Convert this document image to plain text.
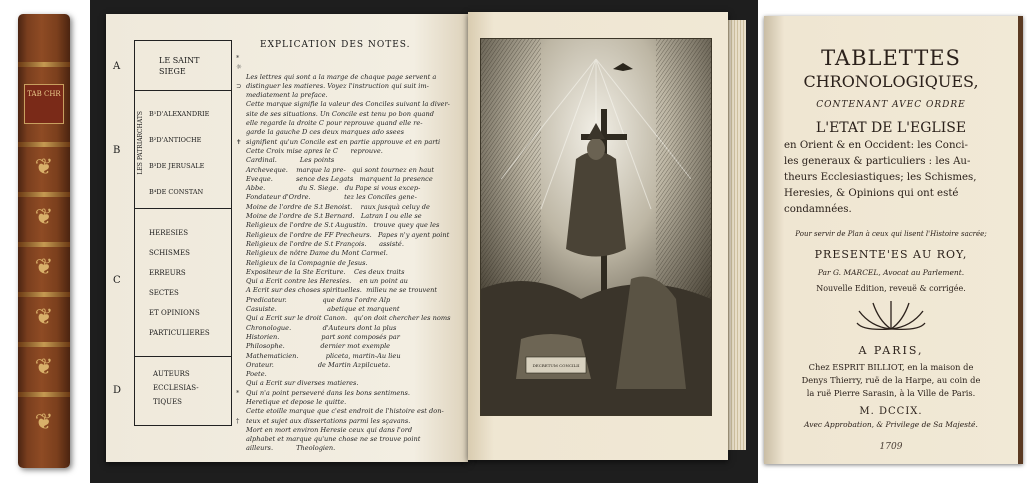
TAB CHR
❦
❦
❦
❦
❦
❦
EXPLICATION DES NOTES.
LES PATRIARCHATS
A
LE SAINT
SIEGE
B
B¹D'ALEXANDRIE
B²D'ANTIOCHE
B³DE JERUSALE
B⁴DE CONSTAN
C
HERESIES
SCHISMES
ERREURS
SECTES
ET OPINIONS
PARTICULIERES
D
AUTEURS
ECCLESIAS-
TIQUES
*
☼
⊃
✝
*
†

Les lettres qui sont a la marge de chaque page servent a
distinguer les matieres. Voyez l'instruction qui suit im-
mediatement la preface.
Cette marque signifie la valeur des Conciles suivant la diver-
site de ses situations. Un Concile est tenu po bon quand
elle regarde la droite C pour reprouve quand elle re-
garde la gauche D ces deux marques ado ssees
signifient qu'un Concile est en partie approuve et en parti
Cette Croix mise apres le C      reprouve.
Cardinal.           Les points
Archeveque.    marque la pre-   qui sont tournez en haut
Eveque.           sence des Legats   marquent la presence
Abbe.                du S. Siege.   du Pape si vous excep-
Fondateur d'Ordre.                tez les Conciles gene-
Moine de l'ordre de S.t Benoist.    raux jusquà celuy de
Moine de l'ordre de S.t Bernard.   Latran I ou elle se
Religieux de l'ordre de S.t Augustin.   trouve quey que les
Religieux de l'ordre de FF Precheurs.   Papes n'y ayent point
Religieux de l'ordre de S.t François.      assisté.
Religieux de nôtre Dame du Mont Carmel.
Religieux de la Compagnie de Jesus.
Expositeur de la Ste Ecriture.    Ces deux traits
Qui a Ecrit contre les Heresies.    en un point au
A Ecrit sur des choses spirituelles.  milieu ne se trouvent
Predicateur.                 que dans l'ordre Alp
Casuiste.                        abetique et marquent
Qui a Ecrit sur le droit Canon.   qu'on doit chercher les noms
Chronologue.               d'Auteurs dont la plus
Historien.                    part sont composés par
Philosophe.                 dernier mot exemple
Mathematicien.             pliceta, martin-Au lieu
Orateur.                     de Martin Azpilcueta.
Poete.
Qui a Ecrit sur diverses matieres.
Qui n'a point perseveré dans les bons sentimens.
Heretique et depose le quitte.
Cette etoille marque que c'est endroit de l'histoire est don-
teux et sujet aux dissertations parmi les sçavans.
Mort en mort environ Heresie ceux qui dans l'ord
alphabet et marque qu'une chose ne se trouve point
ailleurs.           Theologien.

DECRETUM CONCILII
TABLETTES
CHRONOLOGIQUES,
CONTENANT AVEC ORDRE
L'ETAT DE L'EGLISE
en Orient & en Occident: les Conci-
les generaux & particuliers : les Au-
theurs Ecclesiastiques; les Schismes,
Heresies, & Opinions qui ont esté
condamnées.
Pour servir de Plan à ceux qui lisent l'Histoire sacrée;
PRESENTE'ES AU ROY,
Par G. MARCEL, Avocat au Parlement.
Nouvelle Edition, reveuë & corrigée.
A PARIS,
Chez ESPRIT BILLIOT, en la maison de
Denys Thierry, ruë de la Harpe, au coin de
la ruë Pierre Sarasin, à la Ville de Paris.
M. DCCIX.
Avec Approbation, & Privilege de Sa Majesté.
1709
